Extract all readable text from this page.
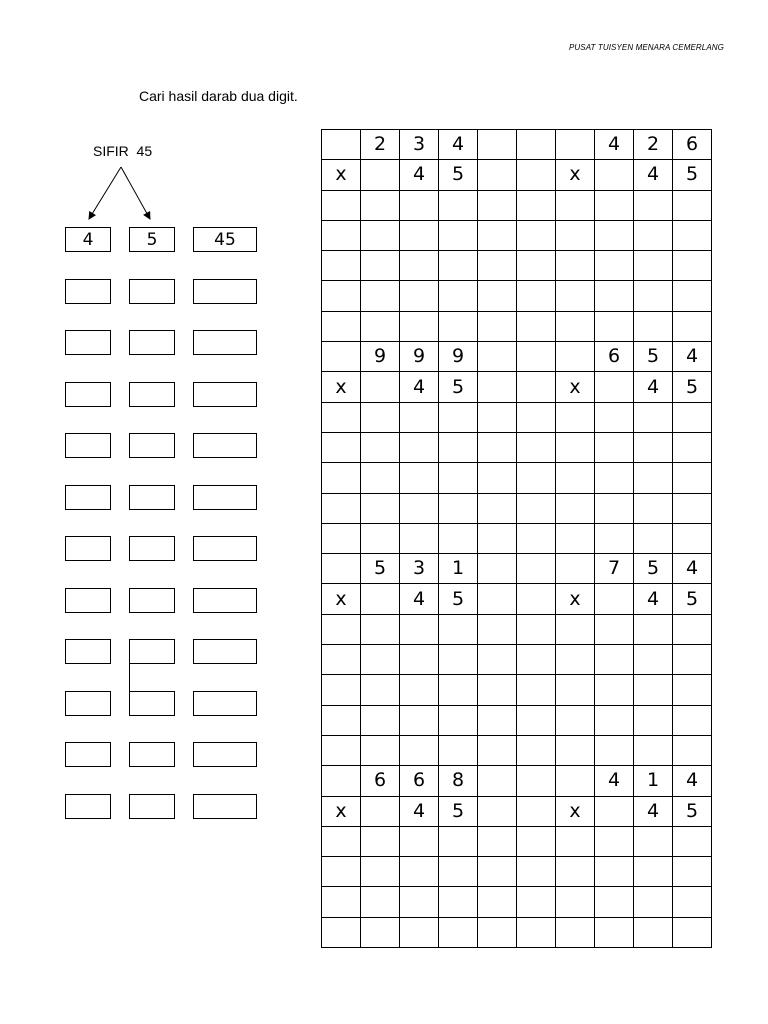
PUSAT TUISYEN MENARA CEMERLANG
Cari hasil darab dua digit.
SIFIR  45
4	5	45
	2	3	4				4	2	6
x		4	5			x		4	5

	9	9	9				6	5	4
x		4	5			x		4	5

	5	3	1				7	5	4
x		4	5			x		4	5

	6	6	8				4	1	4
x		4	5			x		4	5
